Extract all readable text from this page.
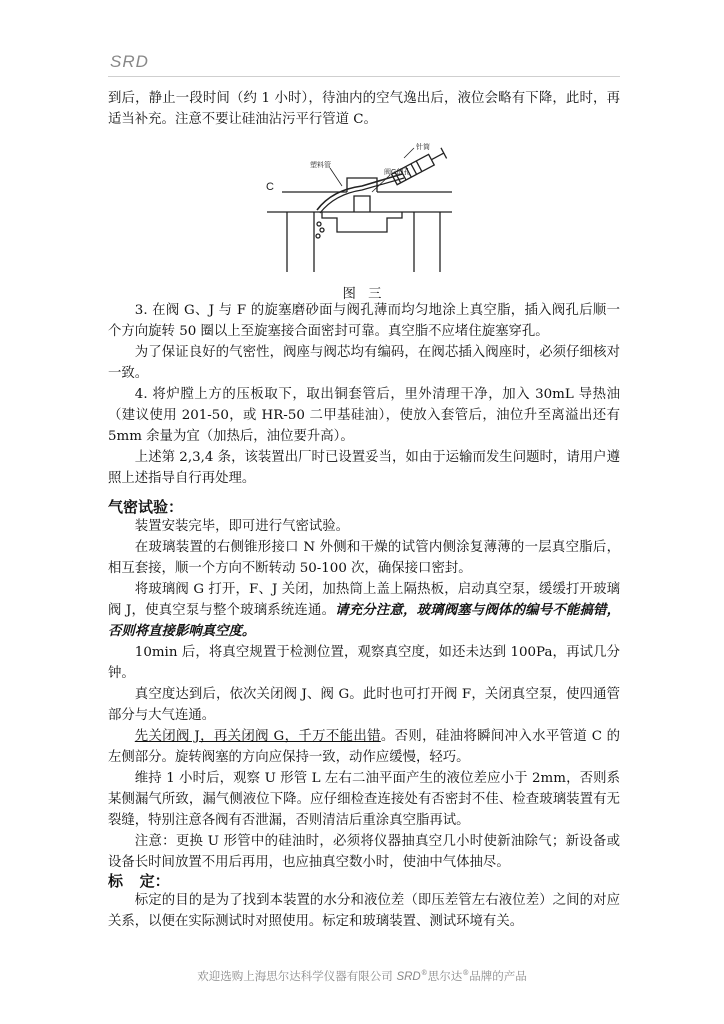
SRD

到后，静止一段时间（约 1 小时），待油内的空气逸出后，液位会略有下降，此时，再适当补充。注意不要让硅油沾污平行管道 C。

针筒
塑料管
阀G的孔
C
图 三

3. 在阀 G、J 与 F 的旋塞磨砂面与阀孔薄而均匀地涂上真空脂，插入阀孔后顺一个方向旋转 50 圈以上至旋塞接合面密封可靠。真空脂不应堵住旋塞穿孔。

为了保证良好的气密性，阀座与阀芯均有编码，在阀芯插入阀座时，必须仔细核对一致。

4. 将炉膛上方的压板取下，取出铜套管后，里外清理干净，加入 30mL 导热油（建议使用 201-50，或 HR-50 二甲基硅油），使放入套管后，油位升至离溢出还有 5mm 余量为宜（加热后，油位要升高）。

上述第 2,3,4 条，该装置出厂时已设置妥当，如由于运输而发生问题时，请用户遵照上述指导自行再处理。

气密试验：

装置安装完毕，即可进行气密试验。

在玻璃装置的右侧锥形接口 N 外侧和干燥的试管内侧涂复薄薄的一层真空脂后，相互套接，顺一个方向不断转动 50-100 次，确保接口密封。

将玻璃阀 G 打开，F、J 关闭，加热筒上盖上隔热板，启动真空泵，缓缓打开玻璃阀 J，使真空泵与整个玻璃系统连通。请充分注意，玻璃阀塞与阀体的编号不能搞错，否则将直接影响真空度。

10min 后，将真空规置于检测位置，观察真空度，如还未达到 100Pa，再试几分钟。

真空度达到后，依次关闭阀 J、阀 G。此时也可打开阀 F，关闭真空泵，使四通管部分与大气连通。

先关闭阀 J，再关闭阀 G，千万不能出错。否则，硅油将瞬间冲入水平管道 C 的左侧部分。旋转阀塞的方向应保持一致，动作应缓慢，轻巧。

维持 1 小时后，观察 U 形管 L 左右二油平面产生的液位差应小于 2mm，否则系某侧漏气所致，漏气侧液位下降。应仔细检查连接处有否密封不佳、检查玻璃装置有无裂缝，特别注意各阀有否泄漏，否则清洁后重涂真空脂再试。

注意：更换 U 形管中的硅油时，必须将仪器抽真空几小时使新油除气；新设备或设备长时间放置不用后再用，也应抽真空数小时，使油中气体抽尽。

标    定：

标定的目的是为了找到本装置的水分和液位差（即压差管左右液位差）之间的对应关系，以便在实际测试时对照使用。标定和玻璃装置、测试环境有关。

欢迎选购上海思尔达科学仪器有限公司 SRD®思尔达®品牌的产品
